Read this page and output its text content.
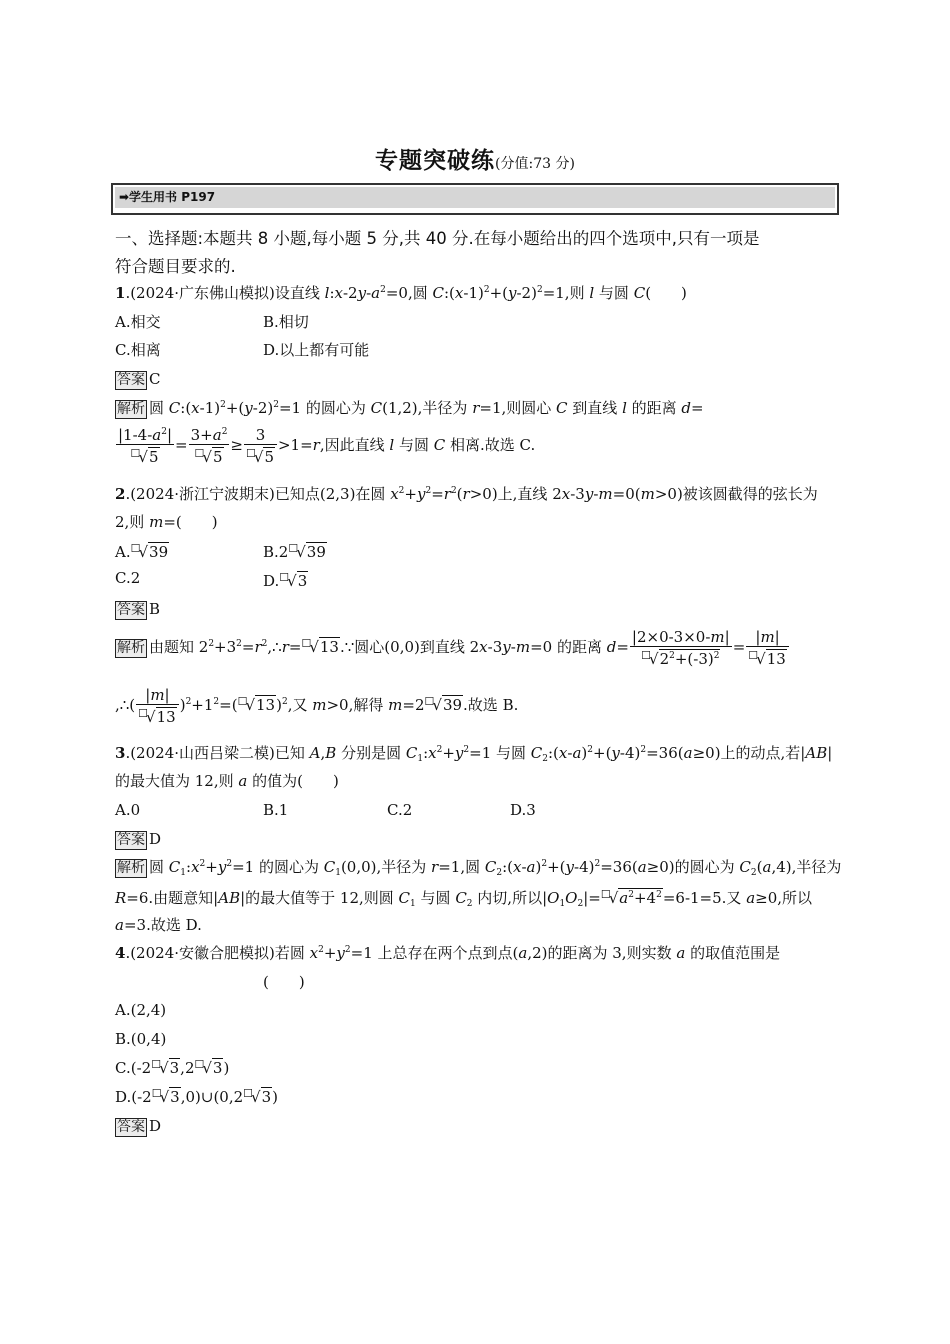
专题突破练(分值:73 分)
➡学生用书 P197
一、选择题:本题共 8 小题,每小题 5 分,共 40 分.在每小题给出的四个选项中,只有一项是
符合题目要求的.
1.(2024·广东佛山模拟)设直线 $l:x-2y-a^2=0$,圆 $C:(x-1)^2+(y-2)^2=1$,则 l 与圆 C(　　)
A.相交	B.相切
C.相离	D.以上都有可能
答案 C
解析 圆 $C:(x-1)^2+(y-2)^2=1$ 的圆心为 C(1,2),半径为 r=1,则圆心 C 到直线 l 的距离 d=
$\frac{|1-4-a^2|}{^☐√5} = \frac{3+a^2}{^☐√5} \ge \frac{3}{^☐√5} >1=r$,因此直线 l 与圆 C 相离.故选 C.
2.(2024·浙江宁波期末)已知点(2,3)在圆 $x^2+y^2=r^2(r>0)$上,直线 2x-3y-m=0(m>0)被该圆截得的弦长为
2,则 m=(　　)
A.☐√39	B.2☐√39
C.2	D.☐√3
答案 B
解析 由题知 $2^2+3^2=r^2,\therefore r=^☐√13.\because$圆心(0,0)到直线 2x-3y-m=0 的距离 $d= \frac{|2\times 0-3\times 0-m|}{^☐√2^2+(-3)^2} = \frac{|m|}{^☐√13}$
,∴( $\frac{|m|}{^☐√13} )^2+1^2=(^☐√13)^2$,又 m>0,解得 m=2☐√39.故选 B.
3.(2024·山西吕梁二模)已知 A,B 分别是圆 $C_1:x^2+y^2=1$ 与圆 $C_2:(x-a)^2+(y-4)^2=36(a\ge 0)$上的动点,若|AB|
的最大值为 12,则 a 的值为(　　)
A.0	B.1	C.2	D.3
答案 D
解析 圆 $C_1:x^2+y^2=1$ 的圆心为 $C_1(0,0)$,半径为 r=1,圆 $C_2:(x-a)^2+(y-4)^2=36(a\ge 0)$的圆心为 $C_2(a,4)$,半径为
R=6.由题意知|AB|的最大值等于 12,则圆 $C_1$ 与圆 $C_2$ 内切,所以$|O_1O_2|=^☐√a^2+4^2=6-1=5$.又 a≥0,所以
a=3.故选 D.
4.(2024·安徽合肥模拟)若圆 $x^2+y^2=1$ 上总存在两个点到点(a,2)的距离为 3,则实数 a 的取值范围是
(　　)
A.(2,4)
B.(0,4)
C.(-2☐√3,2☐√3)
D.(-2☐√3,0)∪(0,2☐√3)
答案 D
